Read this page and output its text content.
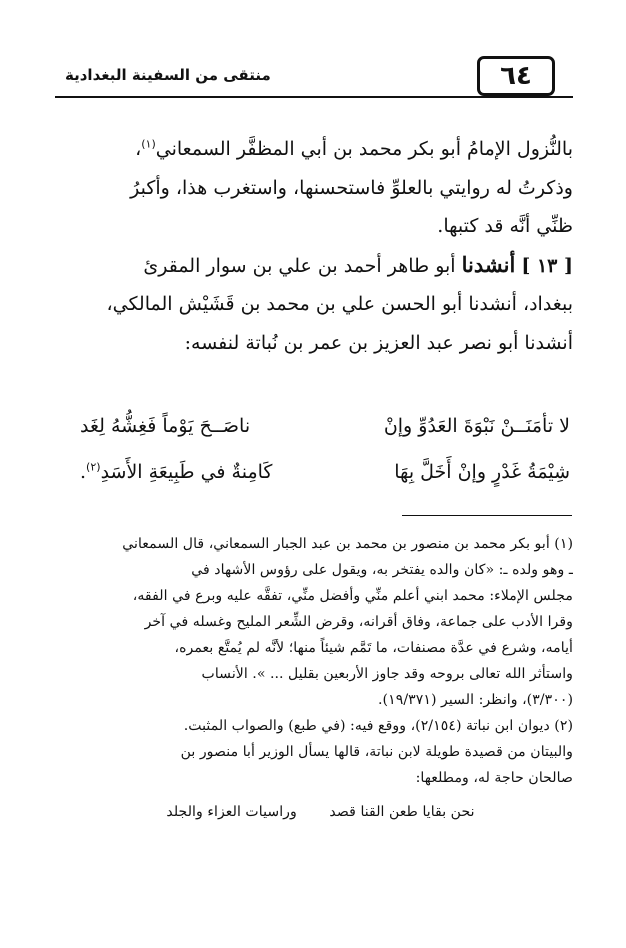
٦٤
منتقى من السفينة البغدادية

بالنُّزول الإمامُ أبو بكر محمد بن أبي المظفَّر السمعاني$^{(١)}$،
وذكرتُ له روايتي بالعلوِّ فاستحسنها، واستغرب هذا، وأكبرُ
ظنِّي أنَّه قد كتبها.

[ ١٣ ] أنشدنا أبو طاهر أحمد بن علي بن سوار المقرئ
ببغداد، أنشدنا أبو الحسن علي بن محمد بن قَشَيْش المالكي،
أنشدنا أبو نصر عبد العزيز بن عمر بن نُباتة لنفسه:

لا تأمَنَــنْ نَبْوَةَ العَدُوِّ وإنْ
ناصَــحَ يَوْماً فَغِشُّهُ لِغَد
شِيْمَةُ غَدْرٍ وإنْ أَخَلَّ بِهَا
كَامِنةٌ في طَبِيعَةِ الأَسَدِ$^{(٢)}$.

(١) أبو بكر محمد بن منصور بن محمد بن عبد الجبار السمعاني، قال السمعاني
ـ وهو ولده ـ: «كان والده يفتخر به، ويقول على رؤوس الأشهاد في
مجلس الإملاء: محمد ابني أعلم منِّي وأفضل منِّي، تفقَّه عليه وبرع في الفقه،
وقرا الأدب على جماعة، وفاق أقرانه، وقرض الشِّعر المليح وغسله في آخر
أيامه، وشرع في عدَّة مصنفات، ما تَمَّم شيئاً منها؛ لأنَّه لم يُمتَّع بعمره،
واستأثر الله تعالى بروحه وقد جاوز الأربعين بقليل ... ». الأنساب
(٣/٣٠٠)، وانظر: السير (١٩/٣٧١).

(٢) ديوان ابن نباتة (٢/١٥٤)، ووقع فيه: (في طبع) والصواب المثبت.
والبيتان من قصيدة طويلة لابن نباتة، قالها يسأل الوزير أبا منصور بن
صالحان حاجة له، ومطلعها:
نحن بقايا طعن القنا قصد وراسيات العزاء والجلد
